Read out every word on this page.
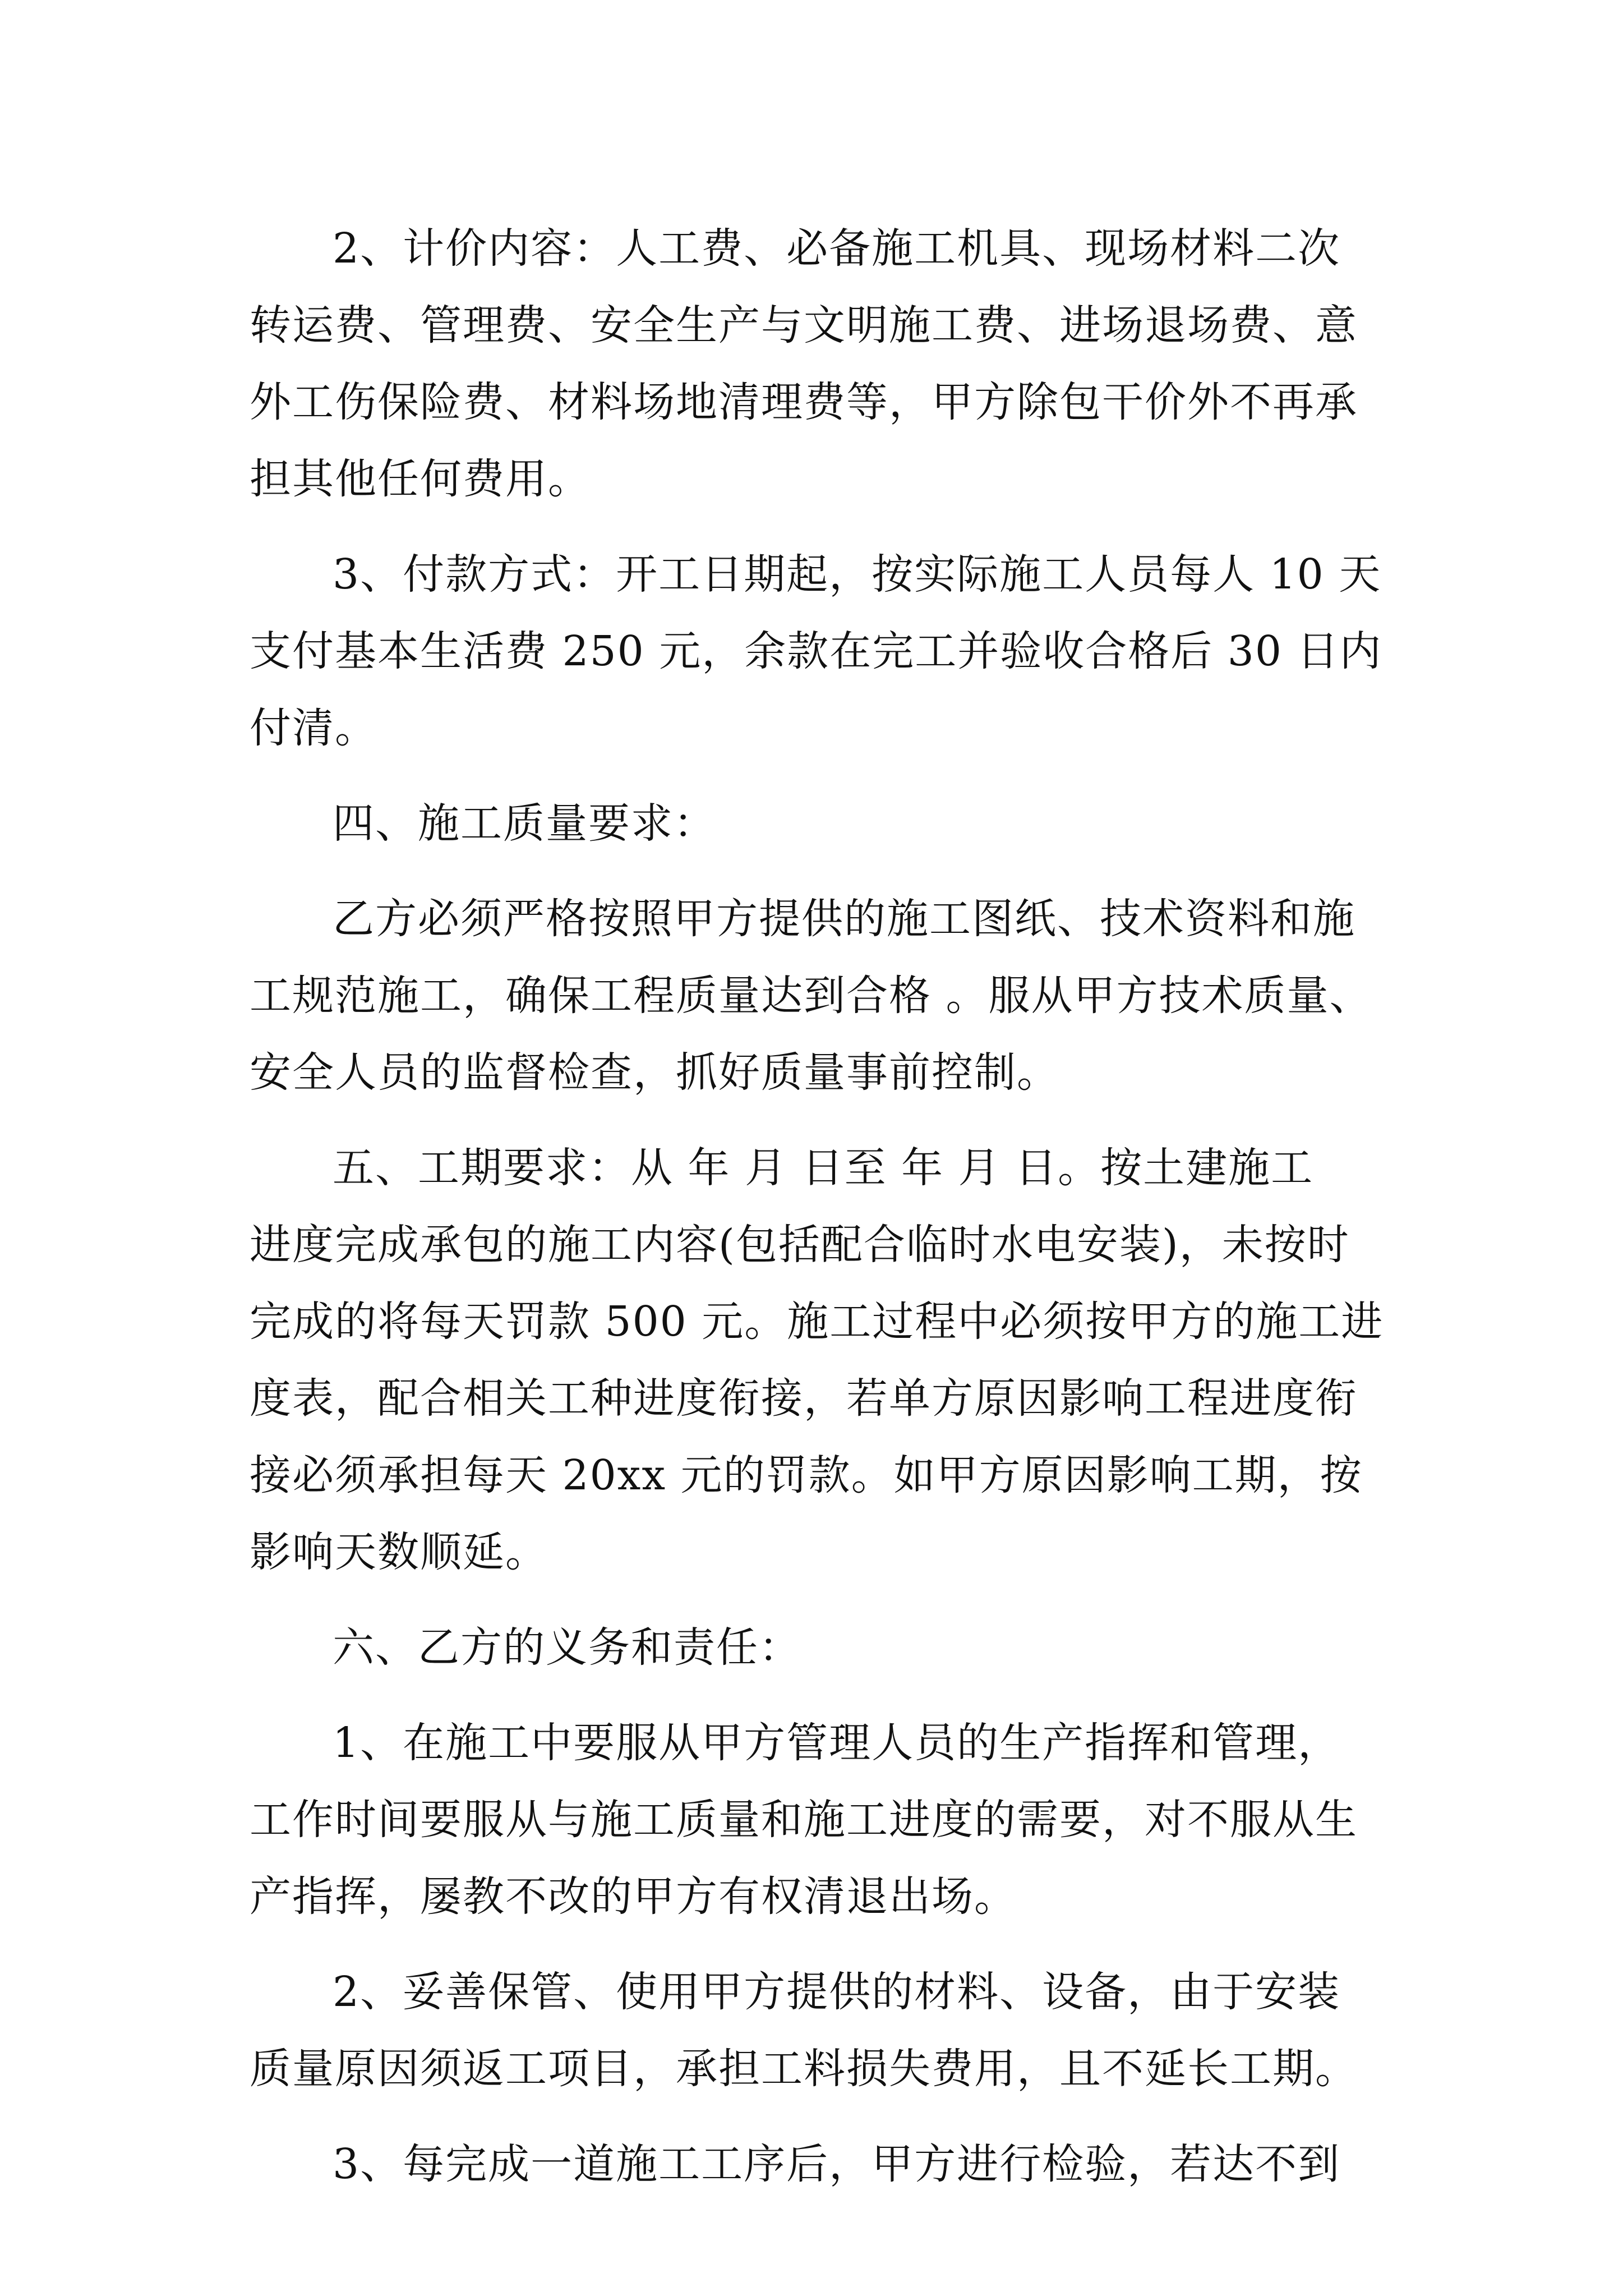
2、计价内容：人工费、必备施工机具、现场材料二次
转运费、管理费、安全生产与文明施工费、进场退场费、意
外工伤保险费、材料场地清理费等，甲方除包干价外不再承
担其他任何费用。
3、付款方式：开工日期起，按实际施工人员每人 10 天
支付基本生活费 250 元，余款在完工并验收合格后 30 日内
付清。
四、施工质量要求：
乙方必须严格按照甲方提供的施工图纸、技术资料和施
工规范施工，确保工程质量达到合格 。服从甲方技术质量、
安全人员的监督检查，抓好质量事前控制。
五、工期要求：从 年 月 日至 年 月 日。按土建施工
进度完成承包的施工内容(包括配合临时水电安装)，未按时
完成的将每天罚款 500 元。施工过程中必须按甲方的施工进
度表，配合相关工种进度衔接，若单方原因影响工程进度衔
接必须承担每天 20xx 元的罚款。如甲方原因影响工期，按
影响天数顺延。
六、乙方的义务和责任：
1、在施工中要服从甲方管理人员的生产指挥和管理，
工作时间要服从与施工质量和施工进度的需要，对不服从生
产指挥，屡教不改的甲方有权清退出场。
2、妥善保管、使用甲方提供的材料、设备，由于安装
质量原因须返工项目，承担工料损失费用，且不延长工期。
3、每完成一道施工工序后，甲方进行检验，若达不到
